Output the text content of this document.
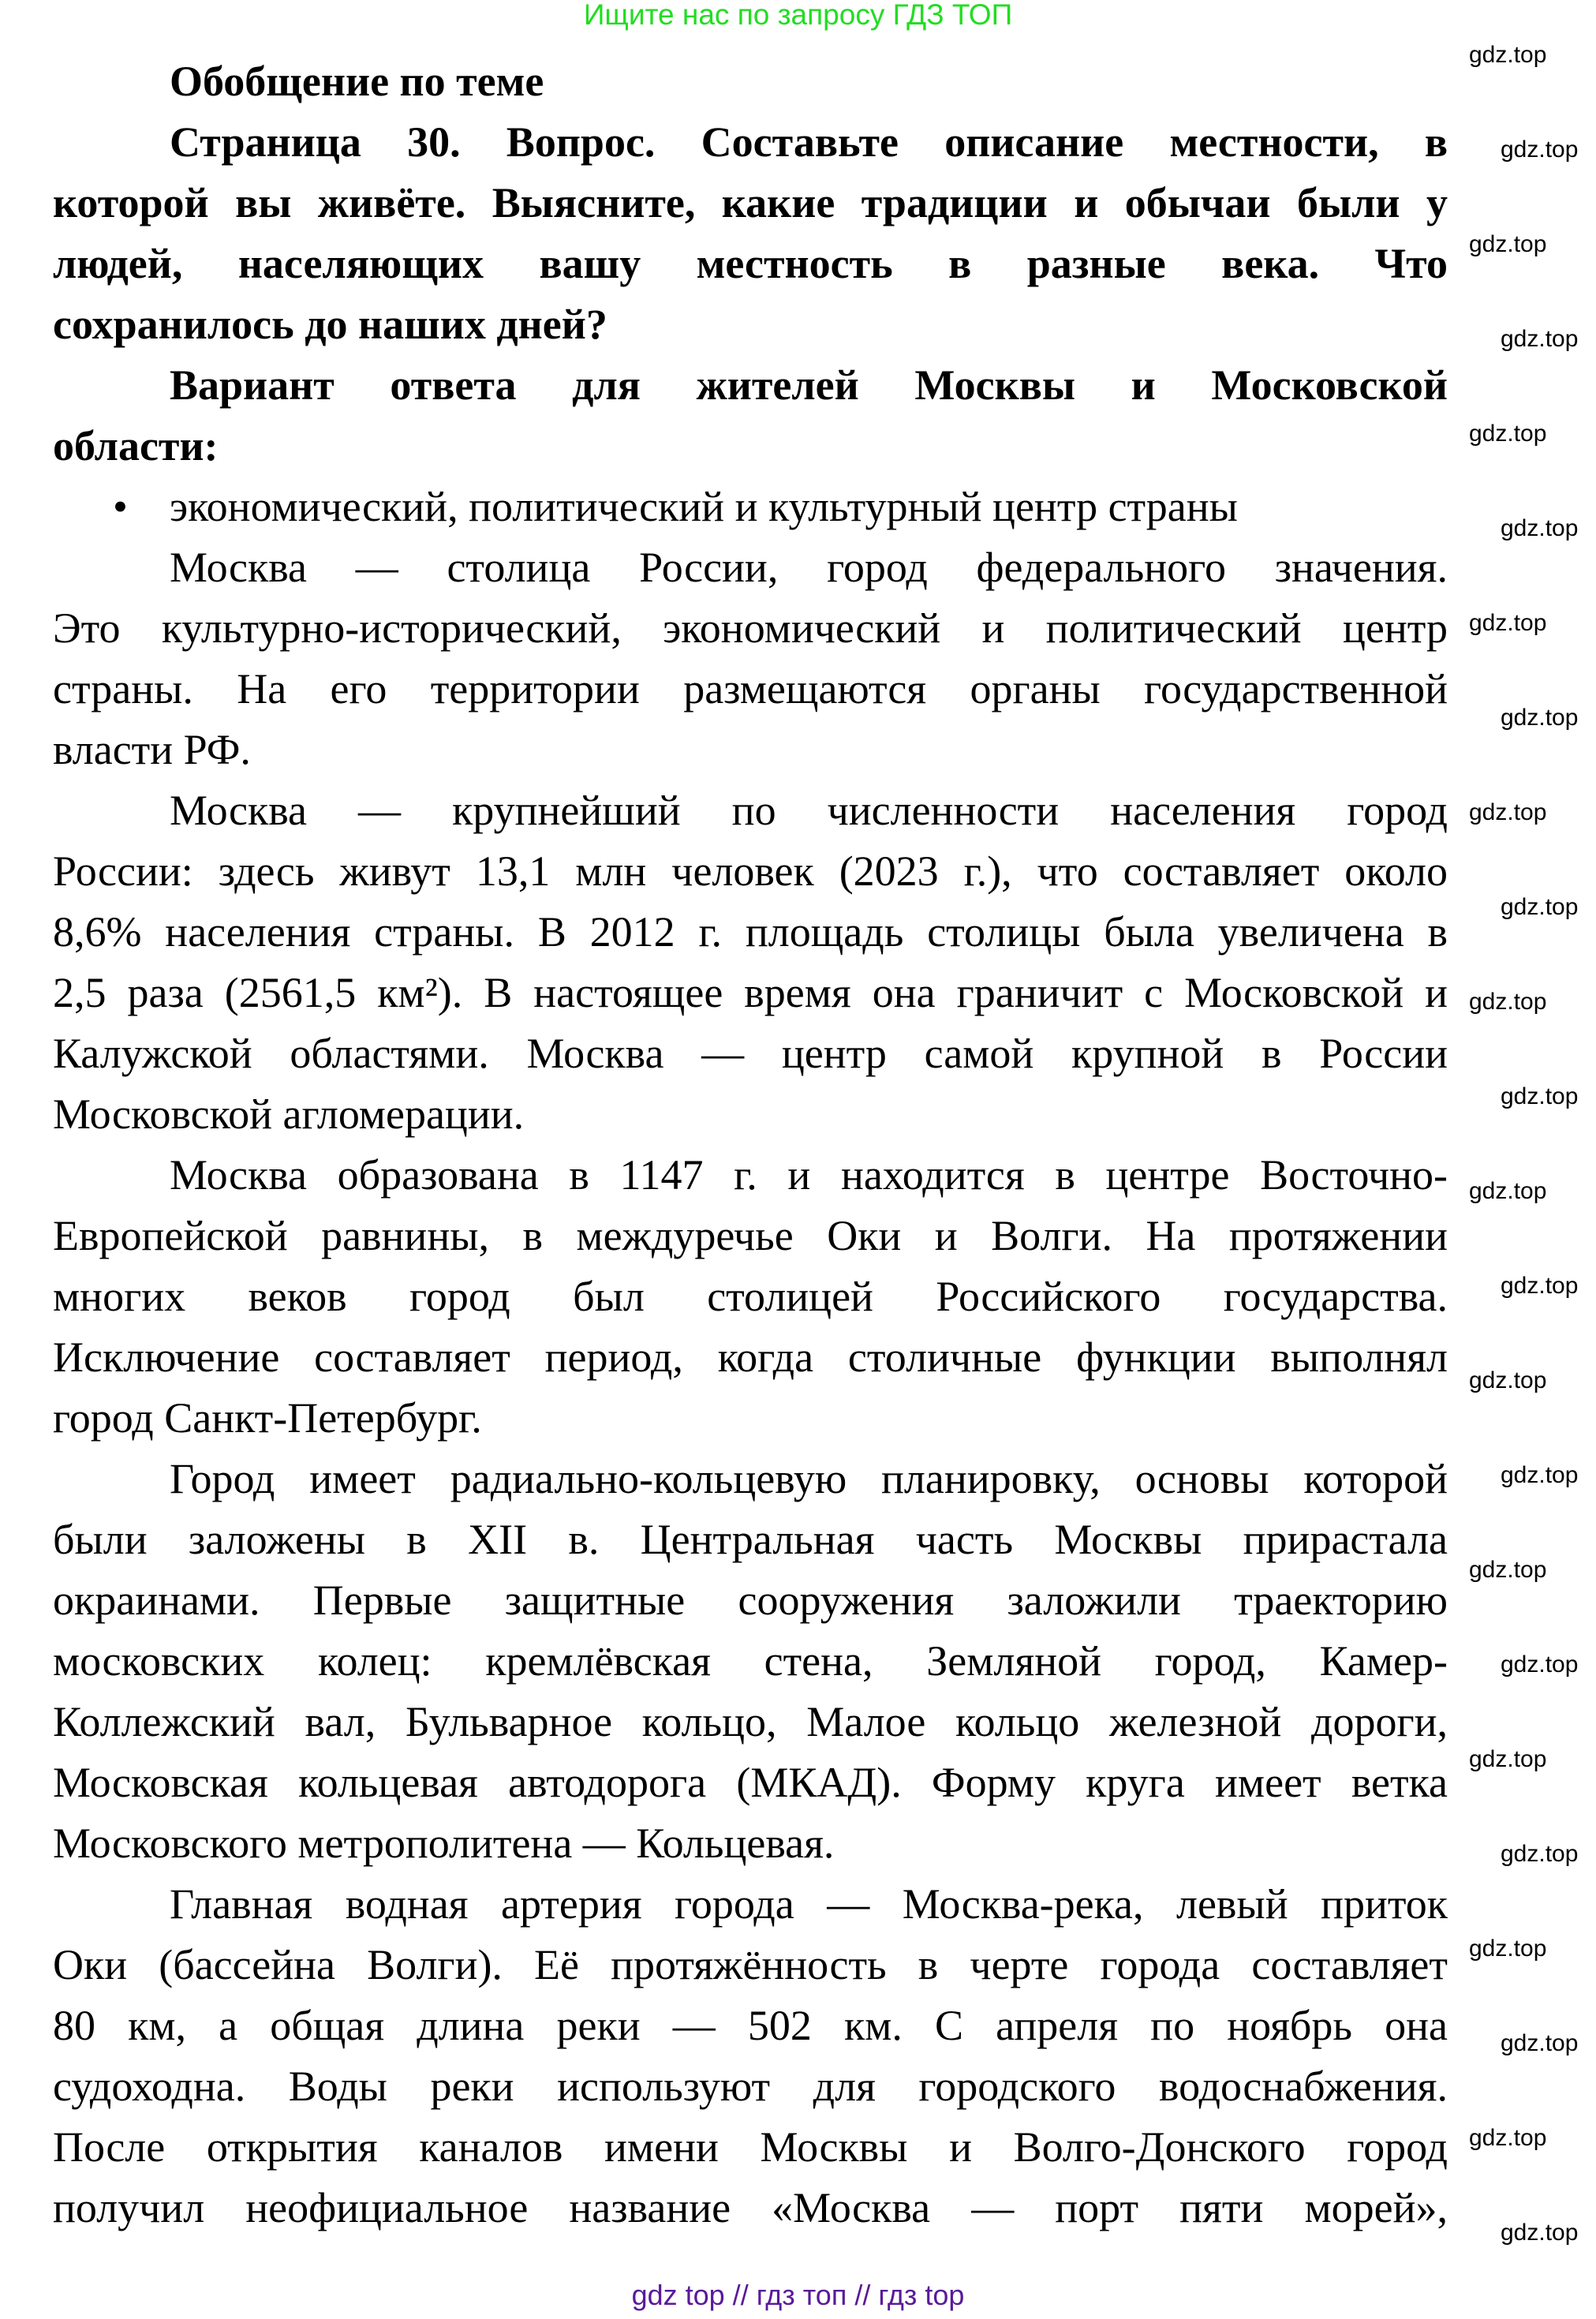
Ищите нас по запросу ГДЗ ТОП
Обобщение по теме
Страница 30. Вопрос. Составьте описание местности, в
которой вы живёте. Выясните, какие традиции и обычаи были у
людей, населяющих вашу местность в разные века. Что
сохранилось до наших дней?
Вариант ответа для жителей Москвы и Московской
области:
• экономический, политический и культурный центр страны
Москва — столица России, город федерального значения.
Это культурно-исторический, экономический и политический центр
страны. На его территории размещаются органы государственной
власти РФ.
Москва — крупнейший по численности населения город
России: здесь живут 13,1 млн человек (2023 г.), что составляет около
8,6% населения страны. В 2012 г. площадь столицы была увеличена в
2,5 раза (2561,5 км²). В настоящее время она граничит с Московской и
Калужской областями. Москва — центр самой крупной в России
Московской агломерации.
Москва образована в 1147 г. и находится в центре Восточно-
Европейской равнины, в междуречье Оки и Волги. На протяжении
многих веков город был столицей Российского государства.
Исключение составляет период, когда столичные функции выполнял
город Санкт-Петербург.
Город имеет радиально-кольцевую планировку, основы которой
были заложены в XII в. Центральная часть Москвы прирастала
окраинами. Первые защитные сооружения заложили траекторию
московских колец: кремлёвская стена, Земляной город, Камер-
Коллежский вал, Бульварное кольцо, Малое кольцо железной дороги,
Московская кольцевая автодорога (МКАД). Форму круга имеет ветка
Московского метрополитена — Кольцевая.
Главная водная артерия города — Москва-река, левый приток
Оки (бассейна Волги). Её протяжённость в черте города составляет
80 км, а общая длина реки — 502 км. С апреля по ноябрь она
судоходна. Воды реки используют для городского водоснабжения.
После открытия каналов имени Москвы и Волго-Донского город
получил неофициальное название «Москва — порт пяти морей»,
gdz.top
gdz.top
gdz.top
gdz.top
gdz.top
gdz.top
gdz.top
gdz.top
gdz.top
gdz.top
gdz.top
gdz.top
gdz.top
gdz.top
gdz.top
gdz.top
gdz.top
gdz.top
gdz.top
gdz.top
gdz.top
gdz.top
gdz.top
gdz.top
gdz top // гдз топ // гдз top
